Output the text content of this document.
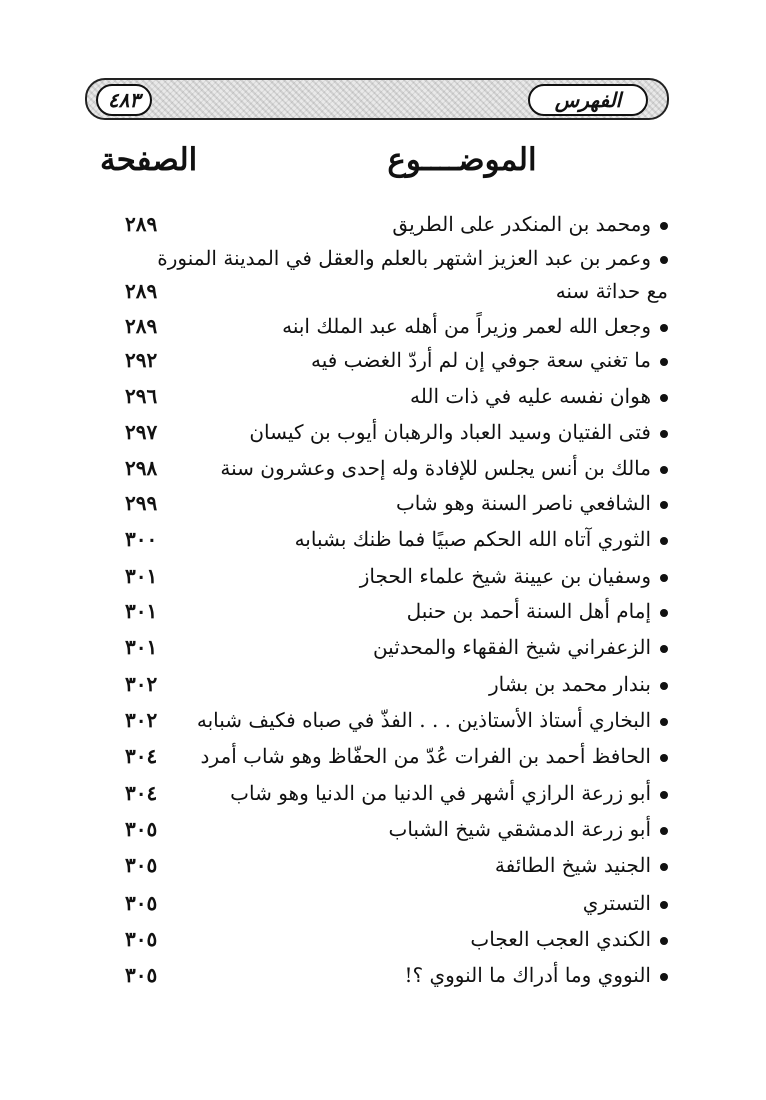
٤٨٣	الفهرس
الموضــــوع
الصفحة
ومحمد بن المنكدر على الطريق
٢٨٩
وعمر بن عبد العزيز اشتهر بالعلم والعقل في المدينة المنورة
مع حداثة سنه
٢٨٩
وجعل الله لعمر وزيراً من أهله عبد الملك ابنه
٢٨٩
ما تغني سعة جوفي إن لم أردّ الغضب فيه
٢٩٢
هوان نفسه عليه في ذات الله
٢٩٦
فتى الفتيان وسيد العباد والرهبان أيوب بن كيسان
٢٩٧
مالك بن أنس يجلس للإفادة وله إحدى وعشرون سنة
٢٩٨
الشافعي ناصر السنة وهو شاب
٢٩٩
الثوري آتاه الله الحكم صبيًا فما ظنك بشبابه
٣٠٠
وسفيان بن عيينة شيخ علماء الحجاز
٣٠١
إمام أهل السنة أحمد بن حنبل
٣٠١
الزعفراني شيخ الفقهاء والمحدثين
٣٠١
بندار محمد بن بشار
٣٠٢
البخاري أستاذ الأستاذين . . . الفذّ في صباه فكيف شبابه
٣٠٢
الحافظ أحمد بن الفرات عُدّ من الحفّاظ وهو شاب أمرد
٣٠٤
أبو زرعة الرازي أشهر في الدنيا من الدنيا وهو شاب
٣٠٤
أبو زرعة الدمشقي شيخ الشباب
٣٠٥
الجنيد شيخ الطائفة
٣٠٥
التستري
٣٠٥
الكندي العجب العجاب
٣٠٥
النووي وما أدراك ما النووي ؟!
٣٠٥
